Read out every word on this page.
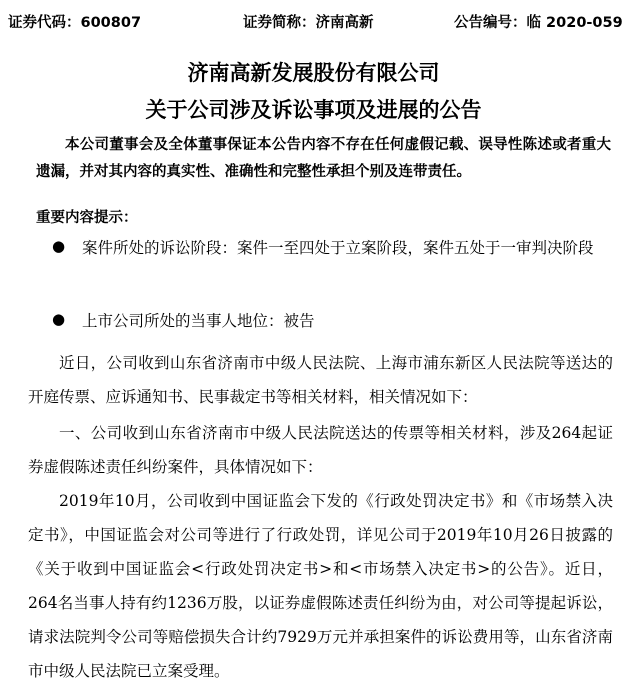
证券代码：600807	证券简称：济南高新	公告编号：临 2020-059
济南高新发展股份有限公司
关于公司涉及诉讼事项及进展的公告
本公司董事会及全体董事保证本公告内容不存在任何虚假记载、误导性陈述或者重大遗漏，并对其内容的真实性、准确性和完整性承担个别及连带责任。
重要内容提示：
●	案件所处的诉讼阶段：案件一至四处于立案阶段，案件五处于一审判决阶段
● 上市公司所处的当事人地位：被告
近日，公司收到山东省济南市中级人民法院、上海市浦东新区人民法院等送达的开庭传票、应诉通知书、民事裁定书等相关材料，相关情况如下：
一、公司收到山东省济南市中级人民法院送达的传票等相关材料，涉及264起证券虚假陈述责任纠纷案件，具体情况如下：
2019年10月，公司收到中国证监会下发的《行政处罚决定书》和《市场禁入决定书》，中国证监会对公司等进行了行政处罚，详见公司于2019年10月26日披露的《关于收到中国证监会<行政处罚决定书>和<市场禁入决定书>的公告》。近日，264名当事人持有约1236万股，以证券虚假陈述责任纠纷为由，对公司等提起诉讼，请求法院判令公司等赔偿损失合计约7929万元并承担案件的诉讼费用等，山东省济南市中级人民法院已立案受理。
